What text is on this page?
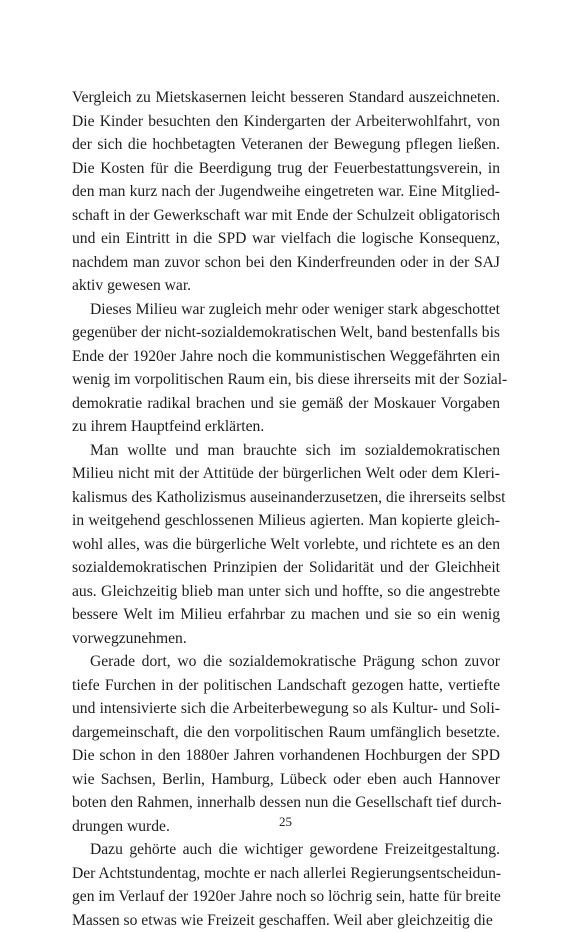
Vergleich zu Mietskasernen leicht besseren Standard auszeichneten.
Die Kinder besuchten den Kindergarten der Arbeiterwohlfahrt, von
der sich die hochbetagten Veteranen der Bewegung pflegen ließen.
Die Kosten für die Beerdigung trug der Feuerbestattungsverein, in
den man kurz nach der Jugendweihe eingetreten war. Eine Mitglied-
schaft in der Gewerkschaft war mit Ende der Schulzeit obligatorisch
und ein Eintritt in die SPD war vielfach die logische Konsequenz,
nachdem man zuvor schon bei den Kinderfreunden oder in der SAJ
aktiv gewesen war.
Dieses Milieu war zugleich mehr oder weniger stark abgeschottet
gegenüber der nicht-sozialdemokratischen Welt, band bestenfalls bis
Ende der 1920er Jahre noch die kommunistischen Weggefährten ein
wenig im vorpolitischen Raum ein, bis diese ihrerseits mit der Sozial-
demokratie radikal brachen und sie gemäß der Moskauer Vorgaben
zu ihrem Hauptfeind erklärten.
Man wollte und man brauchte sich im sozialdemokratischen
Milieu nicht mit der Attitüde der bürgerlichen Welt oder dem Kleri-
kalismus des Katholizismus auseinanderzusetzen, die ihrerseits selbst
in weitgehend geschlossenen Milieus agierten. Man kopierte gleich-
wohl alles, was die bürgerliche Welt vorlebte, und richtete es an den
sozialdemokratischen Prinzipien der Solidarität und der Gleichheit
aus. Gleichzeitig blieb man unter sich und hoffte, so die angestrebte
bessere Welt im Milieu erfahrbar zu machen und sie so ein wenig
vorwegzunehmen.
Gerade dort, wo die sozialdemokratische Prägung schon zuvor
tiefe Furchen in der politischen Landschaft gezogen hatte, vertiefte
und intensivierte sich die Arbeiterbewegung so als Kultur- und Soli-
dargemeinschaft, die den vorpolitischen Raum umfänglich besetzte.
Die schon in den 1880er Jahren vorhandenen Hochburgen der SPD
wie Sachsen, Berlin, Hamburg, Lübeck oder eben auch Hannover
boten den Rahmen, innerhalb dessen nun die Gesellschaft tief durch-
drungen wurde.
Dazu gehörte auch die wichtiger gewordene Freizeitgestaltung.
Der Achtstundentag, mochte er nach allerlei Regierungsentscheidun-
gen im Verlauf der 1920er Jahre noch so löchrig sein, hatte für breite
Massen so etwas wie Freizeit geschaffen. Weil aber gleichzeitig die
25
